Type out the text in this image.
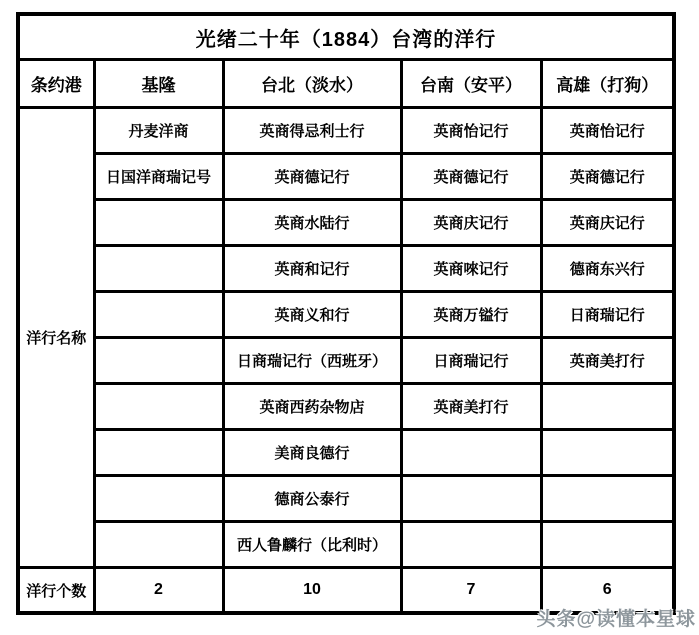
光绪二十年（1884）台湾的洋行				
条约港	基隆	台北（淡水）	台南（安平）	高雄（打狗）
洋行名称	丹麦洋商	英商得忌利士行	英商怡记行	英商怡记行
	日国洋商瑞记号	英商德记行	英商德记行	英商德记行
		英商水陆行	英商庆记行	英商庆记行
		英商和记行	英商唻记行	德商东兴行
		英商义和行	英商万镒行	日商瑞记行
		日商瑞记行（西班牙）	日商瑞记行	英商美打行
		英商西药杂物店	英商美打行	
		美商良德行		
		德商公泰行		
		西人鲁麟行（比利时）		
洋行个数	2	10	7	6
头条@读懂本星球
